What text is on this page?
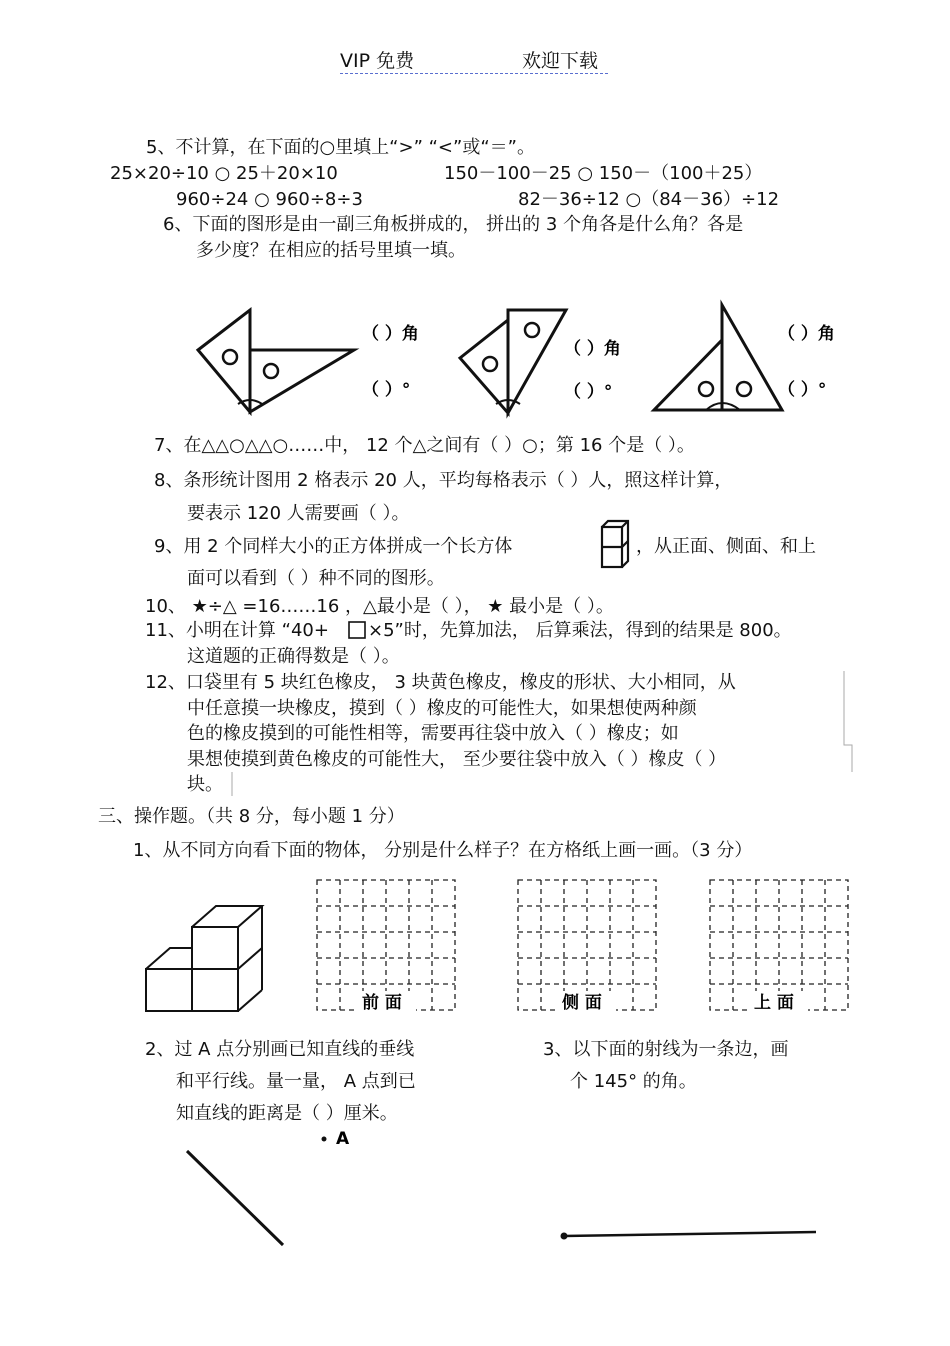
VIP 免费	欢迎下载
5、不计算，在下面的○里填上“>” “<”或“＝”。
25×20÷10 ○ 25＋20×10	150－100－25 ○ 150－（100＋25）
960÷24 ○ 960÷8÷3	82－36÷12 ○（84－36）÷12
6、下面的图形是由一副三角板拼成的， 拼出的 3 个角各是什么角？各是
多少度？在相应的括号里填一填。
（ ）角
（ ）°
（ ）角
（ ）°
（ ）角
（ ）°
前 面	侧 面	上 面
A
7、在△△○△△○……中， 12 个△之间有（ ）○；第 16 个是（ ）。
8、条形统计图用 2 格表示 20 人，平均每格表示（ ）人，照这样计算，
要表示 120 人需要画（ ）。
9、用 2 个同样大小的正方体拼成一个长方体	，从正面、侧面、和上
面可以看到（ ）种不同的图形。
10、 ★÷△ =16……16 ，△最小是（ ）， ★ 最小是（ ）。
11、小明在计算 “40+ ×5”时，先算加法， 后算乘法，得到的结果是 800。
这道题的正确得数是（ ）。
12、口袋里有 5 块红色橡皮， 3 块黄色橡皮，橡皮的形状、大小相同，从
中任意摸一块橡皮，摸到（ ）橡皮的可能性大，如果想使两种颜
色的橡皮摸到的可能性相等，需要再往袋中放入（ ）橡皮；如
果想使摸到黄色橡皮的可能性大， 至少要往袋中放入（ ）橡皮（ ）
块。
三、操作题。（共 8 分，每小题 1 分）
1、从不同方向看下面的物体， 分别是什么样子？在方格纸上画一画。（3 分）
2、过 A 点分别画已知直线的垂线
和平行线。量一量， A 点到已
知直线的距离是（ ）厘米。
3、以下面的射线为一条边，画
个 145° 的角。
